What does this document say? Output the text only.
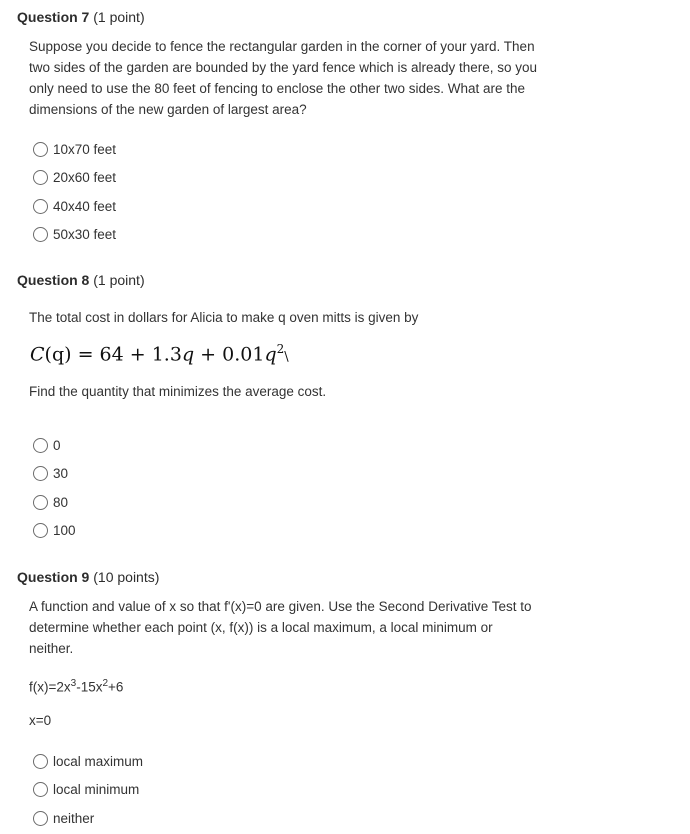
Question 7 (1 point)
Suppose you decide to fence the rectangular garden in the corner of your yard. Then
two sides of the garden are bounded by the yard fence which is already there, so you
only need to use the 80 feet of fencing to enclose the other two sides. What are the
dimensions of the new garden of largest area?
10x70 feet
20x60 feet
40x40 feet
50x30 feet
Question 8 (1 point)
The total cost in dollars for Alicia to make q oven mitts is given by
$C(q) = 64 + 1.3q + 0.01q^2\backslash$
Find the quantity that minimizes the average cost.
0
30
80
100
Question 9 (10 points)
A function and value of x so that f'(x)=0 are given. Use the Second Derivative Test to
determine whether each point (x, f(x)) is a local maximum, a local minimum or
neither.
$f(x)=2x^3-15x^2+6$
x=0
local maximum
local minimum
neither
